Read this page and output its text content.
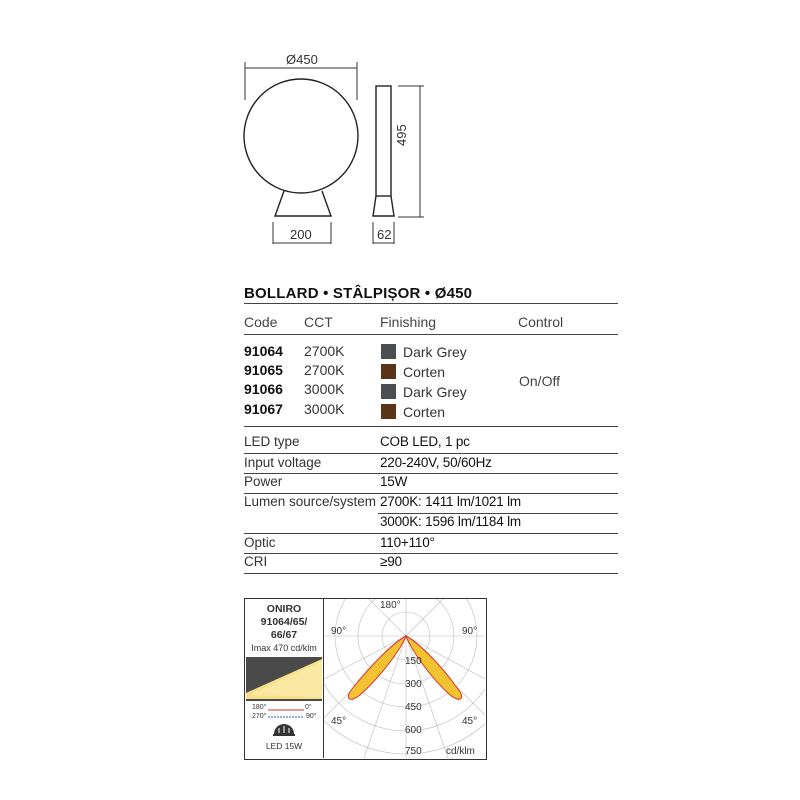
Ø450
495
200	62
BOLLARD • STÂLPIȘOR • Ø450
Code CCT	Finishing	Control
91064 2700K	Dark Grey
91065 2700K	Corten
91066 3000K	Dark Grey
91067 3000K	Corten
On/Off
LED type	COB LED, 1 pc
Input voltage	220-240V, 50/60Hz
Power	15W
Lumen source/system 2700K: 1411 lm/1021 lm
3000K: 1596 lm/1184 lm
Optic	110+110°
CRI	≥90
ONIRO
91064/65/
66/67
Imax 470 cd/klm
180°	0°
270°	90°
LED 15W
180°
90°	90°
45°	45°
150
300
450
600
750 cd/klm
